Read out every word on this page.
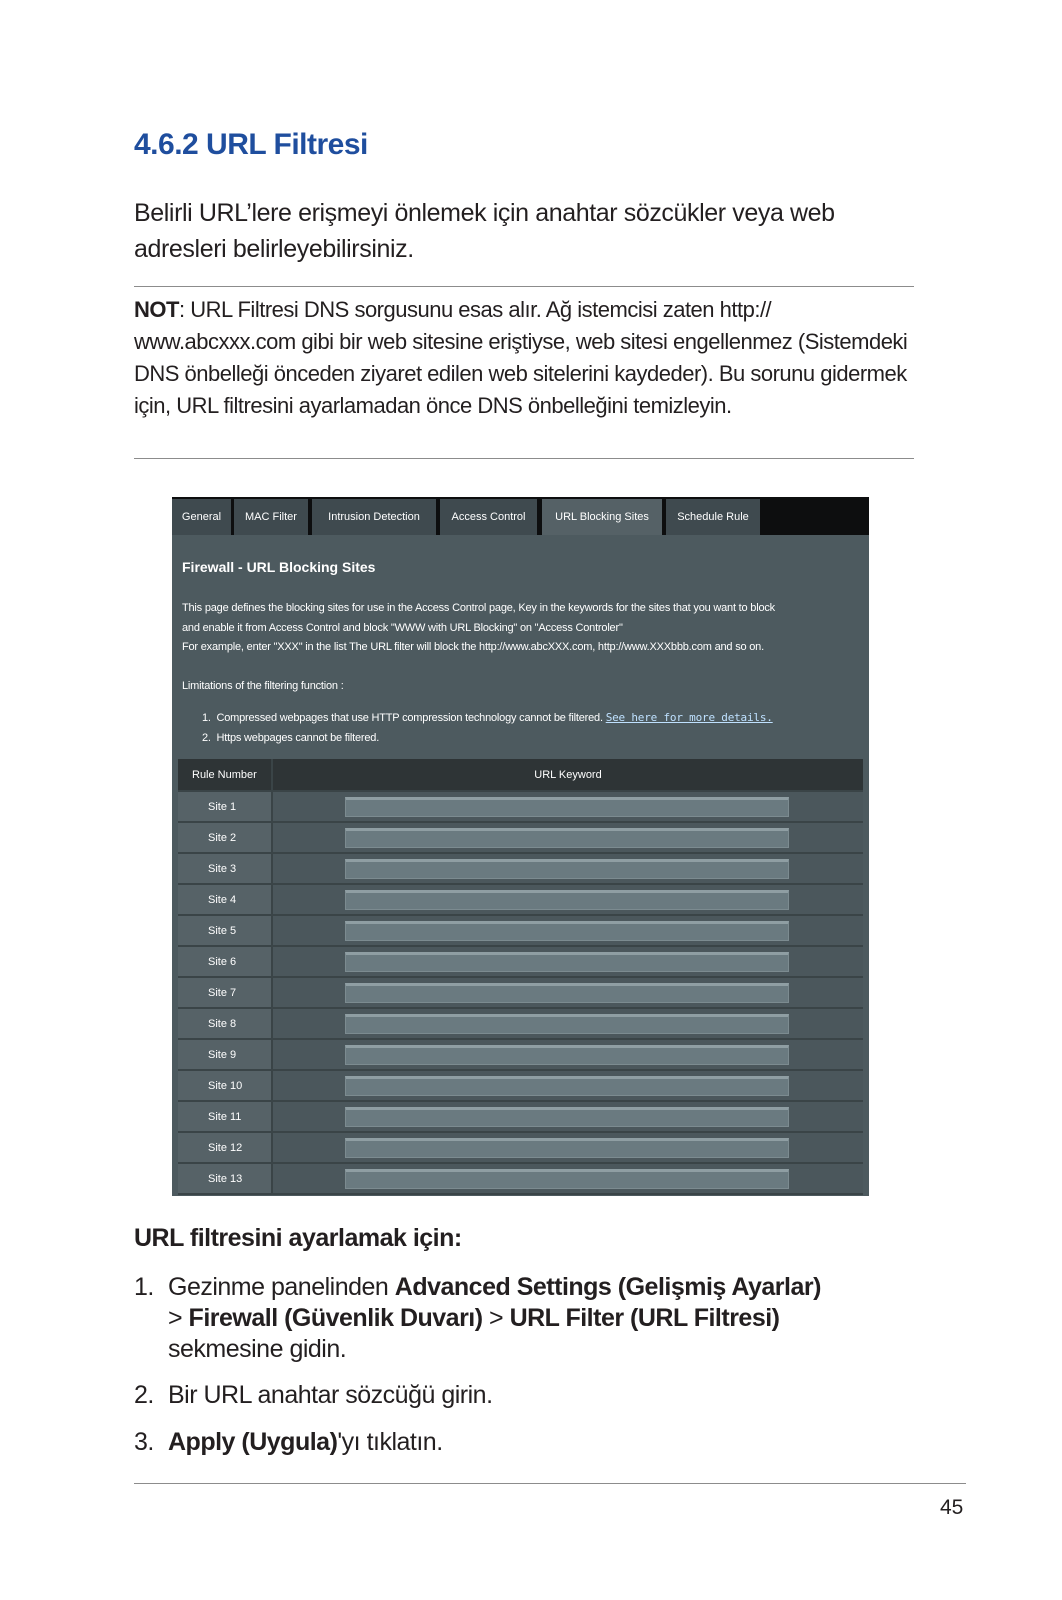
4.6.2 URL Filtresi
Belirli URL’lere erişmeyi önlemek için anahtar sözcükler veya web adresleri belirleyebilirsiniz.
NOT: URL Filtresi DNS sorgusunu esas alır. Ağ istemcisi zaten http:// www.abcxxx.com gibi bir web sitesine eriştiyse, web sitesi engellenmez (Sistemdeki DNS önbelleği önceden ziyaret edilen web sitelerini kaydeder). Bu sorunu gidermek için, URL filtresini ayarlamadan önce DNS önbelleğini temizleyin.
General	MAC Filter	Intrusion Detection	Access Control	URL Blocking Sites	Schedule Rule
Firewall - URL Blocking Sites
This page defines the blocking sites for use in the Access Control page, Key in the keywords for the sites that you want to block
and enable it from Access Control and block "WWW with URL Blocking" on "Access Controler"
For example, enter "XXX" in the list The URL filter will block the http://www.abcXXX.com, http://www.XXXbbb.com and so on.
Limitations of the filtering function :
1. Compressed webpages that use HTTP compression technology cannot be filtered. See here for more details.
2. Https webpages cannot be filtered.
Rule Number	URL Keyword
Site 1	

Site 2	

Site 3	

Site 4	

Site 5	

Site 6	

Site 7	

Site 8	

Site 9	

Site 10	

Site 11	

Site 12	

Site 13	
URL filtresini ayarlamak için:
1. Gezinme panelinden Advanced Settings (Gelişmiş Ayarlar)
> Firewall (Güvenlik Duvarı) > URL Filter (URL Filtresi)
sekmesine gidin.
2. Bir URL anahtar sözcüğü girin.
3. Apply (Uygula)'yı tıklatın.
45
